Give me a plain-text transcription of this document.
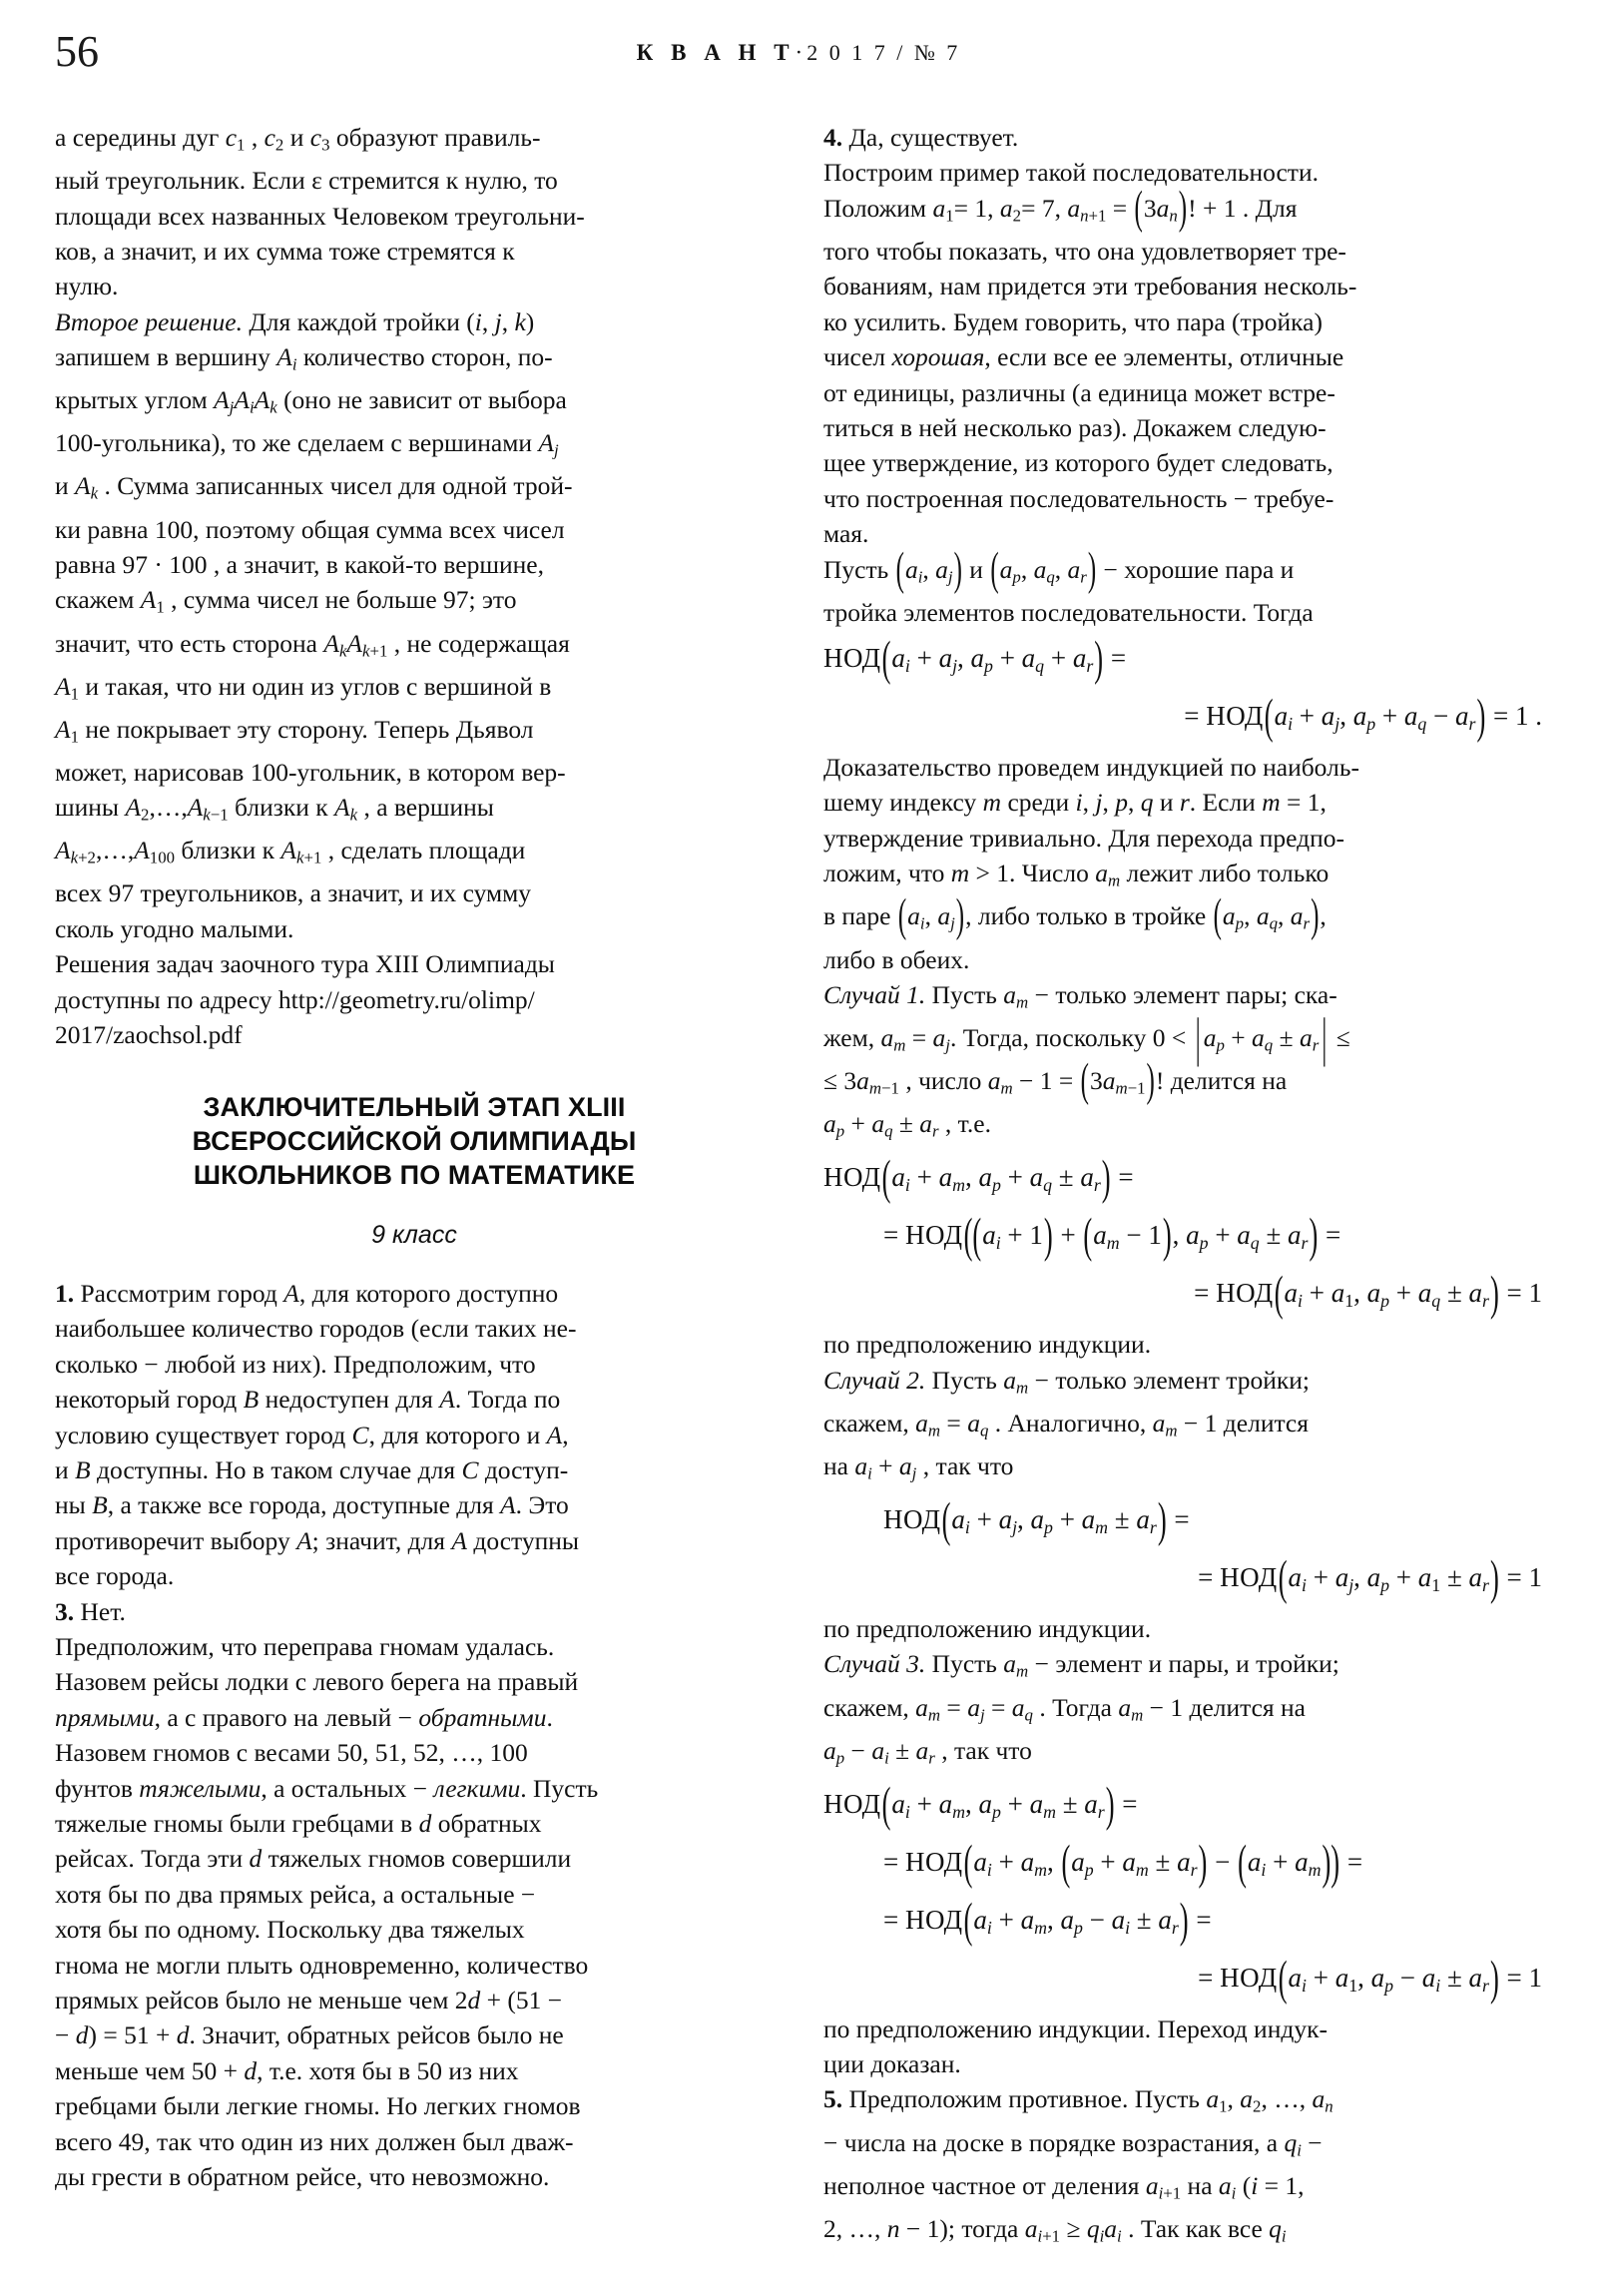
56	К В А Н Т·2 0 1 7 / № 7

а середины дуг c1 , c2 и c3 образуют правиль-
ный треугольник. Если ɛ стремится к нулю, то
площади всех названных Человеком треугольни-
ков, а значит, и их сумма тоже стремятся к
нулю.

Второе решение. Для каждой тройки (i, j, k)
запишем в вершину $A_i$ количество сторон, по-
крытых углом $A_jA_iA_k$ (оно не зависит от выбора
100-угольника), то же сделаем с вершинами $A_j$
и $A_k$ . Сумма записанных чисел для одной трой-
ки равна 100, поэтому общая сумма всех чисел
равна 97 · 100 , а значит, в какой-то вершине,
скажем A1 , сумма чисел не больше 97; это
значит, что есть сторона $A_kA_k+1$ , не содержащая
A1 и такая, что ни один из углов с вершиной в
A1 не покрывает эту сторону. Теперь Дьявол
может, нарисовав 100-угольник, в котором вер-
шины $A2,\dots,A_k-1$ близки к $A_k$ , а вершины
$A_k+2,\dots,A100$ близки к $A_k+1$ , сделать площади
всех 97 треугольников, а значит, и их сумму
сколь угодно малыми.

Решения задач заочного тура XIII Олимпиады
доступны по адресу http://geometry.ru/olimp/
2017/zaochsol.pdf

ЗАКЛЮЧИТЕЛЬНЫЙ ЭТАП XLIII
ВСЕРОССИЙСКОЙ ОЛИМПИАДЫ
ШКОЛЬНИКОВ ПО МАТЕМАТИКЕ
9 класс

1. Рассмотрим город A, для которого доступно
наибольшее количество городов (если таких не-
сколько − любой из них). Предположим, что
некоторый город B недоступен для A. Тогда по
условию существует город C, для которого и A,
и B доступны. Но в таком случае для C доступ-
ны B, а также все города, доступные для A. Это
противоречит выбору A; значит, для A доступны
все города.

3. Нет.
Предположим, что переправа гномам удалась.
Назовем рейсы лодки с левого берега на правый
прямыми, а с правого на левый − обратными.
Назовем гномов с весами 50, 51, 52, …, 100
фунтов тяжелыми, а остальных − легкими. Пусть
тяжелые гномы были гребцами в d обратных
рейсах. Тогда эти d тяжелых гномов совершили
хотя бы по два прямых рейса, а остальные −
хотя бы по одному. Поскольку два тяжелых
гнома не могли плыть одновременно, количество
прямых рейсов было не меньше чем 2d + (51 −
− d) = 51 + d. Значит, обратных рейсов было не
меньше чем 50 + d, т.е. хотя бы в 50 из них
гребцами были легкие гномы. Но легких гномов
всего 49, так что один из них должен был дваж-
ды грести в обратном рейсе, что невозможно.

4. Да, существует.
Построим пример такой последовательности.
Положим a1= 1, a2= 7, $a_n+1 = (3a_n)$! + 1 . Для
того чтобы показать, что она удовлетворяет тре-
бованиям, нам придется эти требования несколь-
ко усилить. Будем говорить, что пара (тройка)
чисел хорошая, если все ее элементы, отличные
от единицы, различны (а единица может встре-
титься в ней несколько раз). Докажем следую-
щее утверждение, из которого будет следовать,
что построенная последовательность − требуе-
мая.

Пусть ($a_i$, $a_j$) и ($a_p$, $a_q$, $a_r$) − хорошие пара и
тройка элементов последовательности. Тогда

$НОД(a_i + a_j$, $a_p + a_q + a_r$) =
= $НОД(a_i + a_j$, $a_p + a_q - a_r) = 1$ .

Доказательство проведем индукцией по наиболь-
шему индексу m среди i, j, p, q и r. Если m = 1,
утверждение тривиально. Для перехода предпо-
ложим, что m > 1. Число $a_m$ лежит либо только
в паре ($a_i$, $a_j$), либо только в тройке ($a_p$, $a_q$, $a_r$),
либо в обеих.

Случай 1. Пусть $a_m$ − только элемент пары; ска-
жем, $a_m = a_j$. Тогда, поскольку 0 < | $a_p + a_q \pm a_r$ | ≤
≤ $3a_m-1$ , число $a_m - 1 = (3a_m-1)$! делится на
$a_p + a_q \pm a_r$ , т.е.

$НОД(a_i + a_m$, $a_p + a_q \pm a_r$) =
= $НОД((a_i + 1) + (a_m - 1)$, $a_p + a_q \pm a_r$) =
= $НОД(a_i + a1$, $a_p + a_q \pm a_r) = 1$

по предположению индукции.

Случай 2. Пусть $a_m$ − только элемент тройки;
скажем, $a_m = a_q$ . Аналогично, $a_m - 1$ делится
на $a_i + a_j$ , так что

$НОД(a_i + a_j$, $a_p + a_m \pm a_r$) =
= $НОД(a_i + a_j$, $a_p + a1 \pm a_r) = 1$

по предположению индукции.

Случай 3. Пусть $a_m$ − элемент и пары, и тройки;
скажем, $a_m = a_j = a_q$ . Тогда $a_m - 1$ делится на
$a_p - a_i \pm a_r$ , так что

$НОД(a_i + a_m$, $a_p + a_m \pm a_r$) =
= $НОД(a_i + a_m$, $(a_p + a_m \pm a_r) - (a_i + a_m)$) =
= $НОД(a_i + a_m$, $a_p - a_i \pm a_r$) =
= $НОД(a_i + a1$, $a_p - a_i \pm a_r) = 1$

по предположению индукции. Переход индук-
ции доказан.

5. Предположим противное. Пусть a1, a2, …, $a_n$
− числа на доске в порядке возрастания, а $q_i$ −
неполное частное от деления $a_i+1$ на $a_i$ (i = 1,
2, …, n − 1); тогда $a_i+1 \ge q_ia_i$ . Так как все $q_i$
